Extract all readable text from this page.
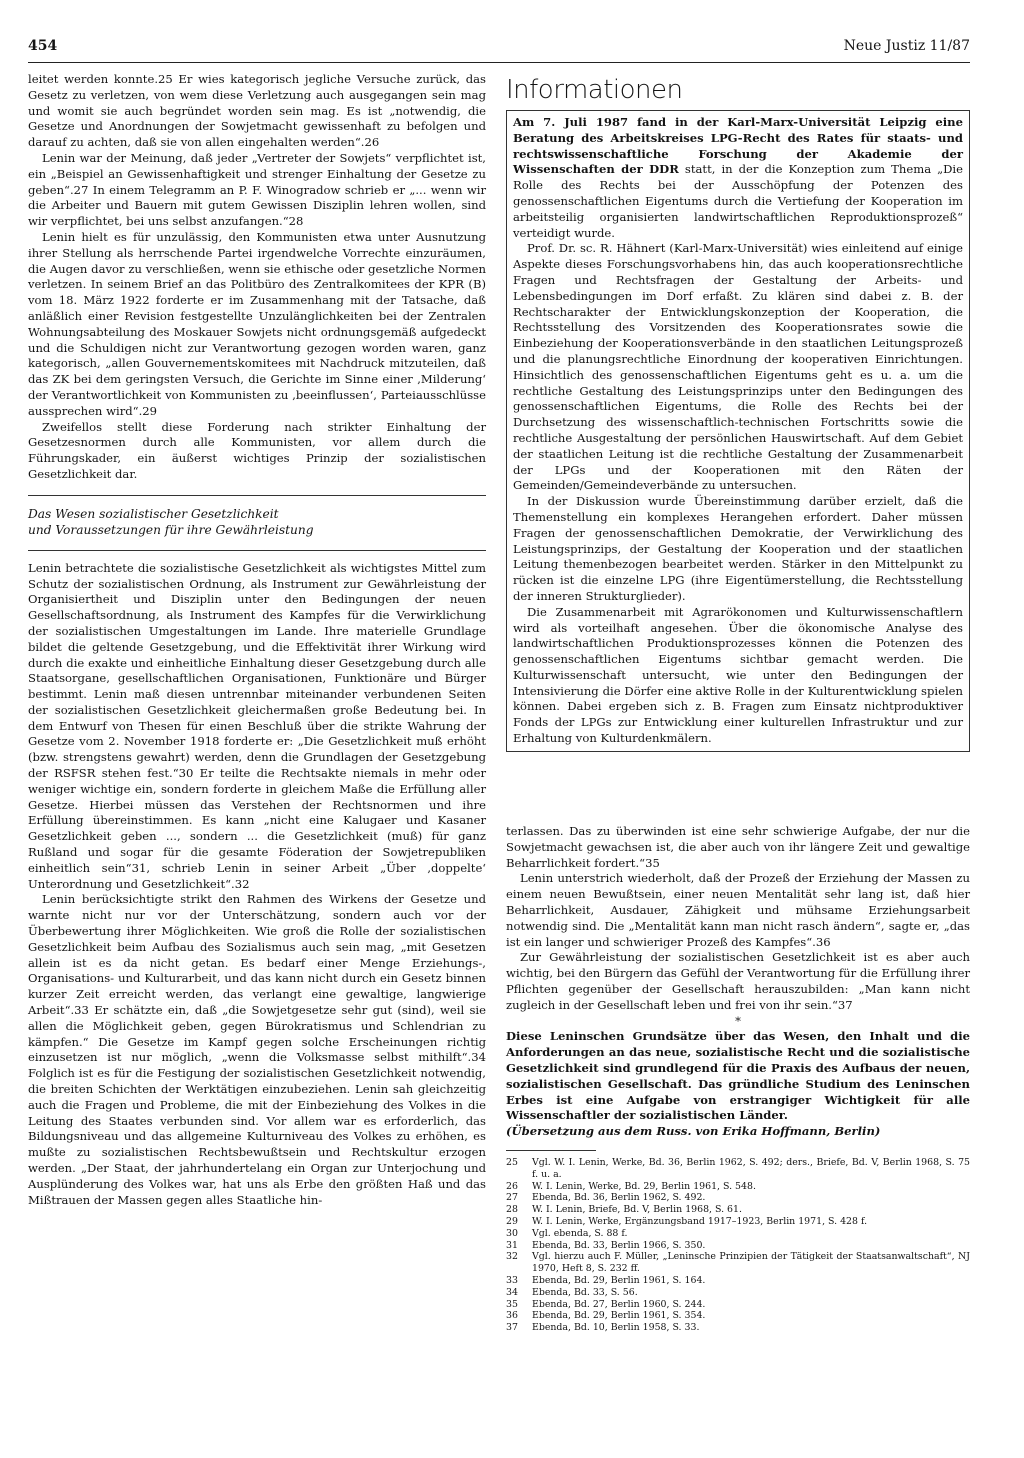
454	Neue Justiz 11/87

leitet werden konnte.25 Er wies kategorisch jegliche Versuche zurück, das Gesetz zu verletzen, von wem diese Verletzung auch ausgegangen sein mag und womit sie auch begründet worden sein mag. Es ist „notwendig, die Gesetze und Anordnungen der Sowjetmacht gewissenhaft zu befolgen und darauf zu achten, daß sie von allen eingehalten werden“.26

Lenin war der Meinung, daß jeder „Vertreter der Sowjets“ verpflichtet ist, ein „Beispiel an Gewissenhaftigkeit und strenger Einhaltung der Gesetze zu geben“.27 In einem Telegramm an P. F. Winogradow schrieb er „... wenn wir die Arbeiter und Bauern mit gutem Gewissen Disziplin lehren wollen, sind wir verpflichtet, bei uns selbst anzufangen.“28

Lenin hielt es für unzulässig, den Kommunisten etwa unter Ausnutzung ihrer Stellung als herrschende Partei irgendwelche Vorrechte einzuräumen, die Augen davor zu verschließen, wenn sie ethische oder gesetzliche Normen verletzen. In seinem Brief an das Politbüro des Zentralkomitees der KPR (B) vom 18. März 1922 forderte er im Zusammenhang mit der Tatsache, daß anläßlich einer Revision festgestellte Unzulänglichkeiten bei der Zentralen Wohnungsabteilung des Moskauer Sowjets nicht ordnungsgemäß aufgedeckt und die Schuldigen nicht zur Verantwortung gezogen worden waren, ganz kategorisch, „allen Gouvernementskomitees mit Nachdruck mitzuteilen, daß das ZK bei dem geringsten Versuch, die Gerichte im Sinne einer ‚Milderung‘ der Verantwortlichkeit von Kommunisten zu ‚beeinflussen‘, Parteiausschlüsse aussprechen wird“.29

Zweifellos stellt diese Forderung nach strikter Einhaltung der Gesetzesnormen durch alle Kommunisten, vor allem durch die Führungskader, ein äußerst wichtiges Prinzip der sozialistischen Gesetzlichkeit dar.

Das Wesen sozialistischer Gesetzlichkeit
und Voraussetzungen für ihre Gewährleistung

Lenin betrachtete die sozialistische Gesetzlichkeit als wichtigstes Mittel zum Schutz der sozialistischen Ordnung, als Instrument zur Gewährleistung der Organisiertheit und Disziplin unter den Bedingungen der neuen Gesellschaftsordnung, als Instrument des Kampfes für die Verwirklichung der sozialistischen Umgestaltungen im Lande. Ihre materielle Grundlage bildet die geltende Gesetzgebung, und die Effektivität ihrer Wirkung wird durch die exakte und einheitliche Einhaltung dieser Gesetzgebung durch alle Staatsorgane, gesellschaftlichen Organisationen, Funktionäre und Bürger bestimmt. Lenin maß diesen untrennbar miteinander verbundenen Seiten der sozialistischen Gesetzlichkeit gleichermaßen große Bedeutung bei. In dem Entwurf von Thesen für einen Beschluß über die strikte Wahrung der Gesetze vom 2. November 1918 forderte er: „Die Gesetzlichkeit muß erhöht (bzw. strengstens gewahrt) werden, denn die Grundlagen der Gesetzgebung der RSFSR stehen fest.“30 Er teilte die Rechtsakte niemals in mehr oder weniger wichtige ein, sondern forderte in gleichem Maße die Erfüllung aller Gesetze. Hierbei müssen das Verstehen der Rechtsnormen und ihre Erfüllung übereinstimmen. Es kann „nicht eine Kalugaer und Kasaner Gesetzlichkeit geben ..., sondern ... die Gesetzlichkeit (muß) für ganz Rußland und sogar für die gesamte Föderation der Sowjetrepubliken einheitlich sein“31, schrieb Lenin in seiner Arbeit „Über ‚doppelte‘ Unterordnung und Gesetzlichkeit“.32

Lenin berücksichtigte strikt den Rahmen des Wirkens der Gesetze und warnte nicht nur vor der Unterschätzung, sondern auch vor der Überbewertung ihrer Möglichkeiten. Wie groß die Rolle der sozialistischen Gesetzlichkeit beim Aufbau des Sozialismus auch sein mag, „mit Gesetzen allein ist es da nicht getan. Es bedarf einer Menge Erziehungs-, Organisations- und Kulturarbeit, und das kann nicht durch ein Gesetz binnen kurzer Zeit erreicht werden, das verlangt eine gewaltige, langwierige Arbeit“.33 Er schätzte ein, daß „die Sowjetgesetze sehr gut (sind), weil sie allen die Möglichkeit geben, gegen Bürokratismus und Schlendrian zu kämpfen.“ Die Gesetze im Kampf gegen solche Erscheinungen richtig einzusetzen ist nur möglich, „wenn die Volksmasse selbst mithilft“.34 Folglich ist es für die Festigung der sozialistischen Gesetzlichkeit notwendig, die breiten Schichten der Werktätigen einzubeziehen. Lenin sah gleichzeitig auch die Fragen und Probleme, die mit der Einbeziehung des Volkes in die Leitung des Staates verbunden sind. Vor allem war es erforderlich, das Bildungsniveau und das allgemeine Kulturniveau des Volkes zu erhöhen, es mußte zu sozialistischen Rechtsbewußtsein und Rechtskultur erzogen werden. „Der Staat, der jahrhundertelang ein Organ zur Unterjochung und Ausplünderung des Volkes war, hat uns als Erbe den größten Haß und das Mißtrauen der Massen gegen alles Staatliche hin-

Informationen

Am 7. Juli 1987 fand in der Karl-Marx-Universität Leipzig eine Beratung des Arbeitskreises LPG-Recht des Rates für staats- und rechtswissenschaftliche Forschung der Akademie der Wissenschaften der DDR statt, in der die Konzeption zum Thema „Die Rolle des Rechts bei der Ausschöpfung der Potenzen des genossenschaftlichen Eigentums durch die Vertiefung der Kooperation im arbeitsteilig organisierten landwirtschaftlichen Reproduktionsprozeß“ verteidigt wurde.

Prof. Dr. sc. R. Hähnert (Karl-Marx-Universität) wies einleitend auf einige Aspekte dieses Forschungsvorhabens hin, das auch kooperationsrechtliche Fragen und Rechtsfragen der Gestaltung der Arbeits- und Lebensbedingungen im Dorf erfaßt. Zu klären sind dabei z. B. der Rechtscharakter der Entwicklungskonzeption der Kooperation, die Rechtsstellung des Vorsitzenden des Kooperationsrates sowie die Einbeziehung der Kooperationsverbände in den staatlichen Leitungsprozeß und die planungsrechtliche Einordnung der kooperativen Einrichtungen. Hinsichtlich des genossenschaftlichen Eigentums geht es u. a. um die rechtliche Gestaltung des Leistungsprinzips unter den Bedingungen des genossenschaftlichen Eigentums, die Rolle des Rechts bei der Durchsetzung des wissenschaftlich-technischen Fortschritts sowie die rechtliche Ausgestaltung der persönlichen Hauswirtschaft. Auf dem Gebiet der staatlichen Leitung ist die rechtliche Gestaltung der Zusammenarbeit der LPGs und der Kooperationen mit den Räten der Gemeinden/Gemeindeverbände zu untersuchen.

In der Diskussion wurde Übereinstimmung darüber erzielt, daß die Themenstellung ein komplexes Herangehen erfordert. Daher müssen Fragen der genossenschaftlichen Demokratie, der Verwirklichung des Leistungsprinzips, der Gestaltung der Kooperation und der staatlichen Leitung themenbezogen bearbeitet werden. Stärker in den Mittelpunkt zu rücken ist die einzelne LPG (ihre Eigentümerstellung, die Rechtsstellung der inneren Strukturglieder).

Die Zusammenarbeit mit Agrarökonomen und Kulturwissenschaftlern wird als vorteilhaft angesehen. Über die ökonomische Analyse des landwirtschaftlichen Produktionsprozesses können die Potenzen des genossenschaftlichen Eigentums sichtbar gemacht werden. Die Kulturwissenschaft untersucht, wie unter den Bedingungen der Intensivierung die Dörfer eine aktive Rolle in der Kulturentwicklung spielen können. Dabei ergeben sich z. B. Fragen zum Einsatz nichtproduktiver Fonds der LPGs zur Entwicklung einer kulturellen Infrastruktur und zur Erhaltung von Kulturdenkmälern.

terlassen. Das zu überwinden ist eine sehr schwierige Aufgabe, der nur die Sowjetmacht gewachsen ist, die aber auch von ihr längere Zeit und gewaltige Beharrlichkeit fordert.“35

Lenin unterstrich wiederholt, daß der Prozeß der Erziehung der Massen zu einem neuen Bewußtsein, einer neuen Mentalität sehr lang ist, daß hier Beharrlichkeit, Ausdauer, Zähigkeit und mühsame Erziehungsarbeit notwendig sind. Die „Mentalität kann man nicht rasch ändern“, sagte er, „das ist ein langer und schwieriger Prozeß des Kampfes“.36

Zur Gewährleistung der sozialistischen Gesetzlichkeit ist es aber auch wichtig, bei den Bürgern das Gefühl der Verantwortung für die Erfüllung ihrer Pflichten gegenüber der Gesellschaft herauszubilden: „Man kann nicht zugleich in der Gesellschaft leben und frei von ihr sein.“37

*

Diese Leninschen Grundsätze über das Wesen, den Inhalt und die Anforderungen an das neue, sozialistische Recht und die sozialistische Gesetzlichkeit sind grundlegend für die Praxis des Aufbaus der neuen, sozialistischen Gesellschaft. Das gründliche Studium des Leninschen Erbes ist eine Aufgabe von erstrangiger Wichtigkeit für alle Wissenschaftler der sozialistischen Länder.

(Übersetzung aus dem Russ. von Erika Hoffmann, Berlin)

25	Vgl. W. I. Lenin, Werke, Bd. 36, Berlin 1962, S. 492; ders., Briefe, Bd. V, Berlin 1968, S. 75 f. u. a.
26	W. I. Lenin, Werke, Bd. 29, Berlin 1961, S. 548.
27	Ebenda, Bd. 36, Berlin 1962, S. 492.
28	W. I. Lenin, Briefe, Bd. V, Berlin 1968, S. 61.
29	W. I. Lenin, Werke, Ergänzungsband 1917–1923, Berlin 1971, S. 428 f.
30	Vgl. ebenda, S. 88 f.
31	Ebenda, Bd. 33, Berlin 1966, S. 350.
32	Vgl. hierzu auch F. Müller, „Leninsche Prinzipien der Tätigkeit der Staatsanwaltschaft“, NJ 1970, Heft 8, S. 232 ff.
33	Ebenda, Bd. 29, Berlin 1961, S. 164.
34	Ebenda, Bd. 33, S. 56.
35	Ebenda, Bd. 27, Berlin 1960, S. 244.
36	Ebenda, Bd. 29, Berlin 1961, S. 354.
37	Ebenda, Bd. 10, Berlin 1958, S. 33.
